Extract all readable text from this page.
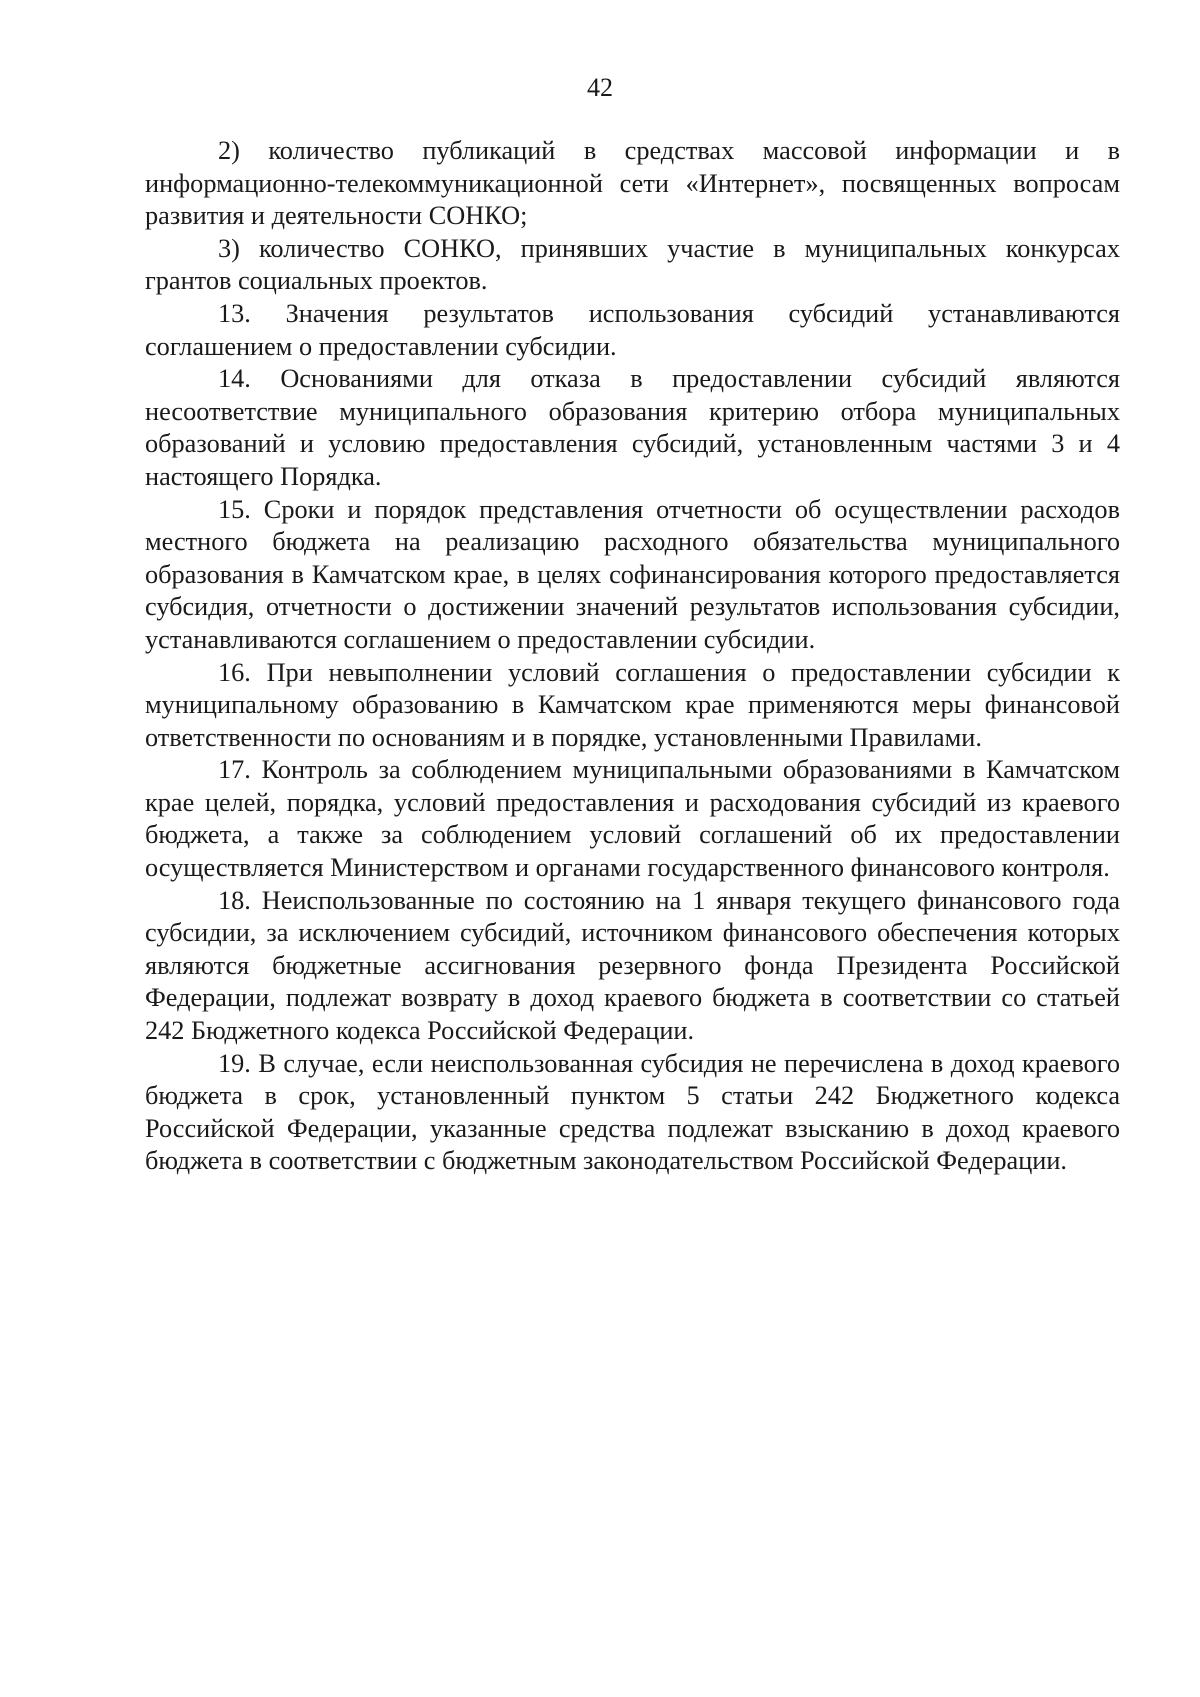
42

2) количество публикаций в средствах массовой информации и в информационно-телекоммуникационной сети «Интернет», посвященных вопросам развития и деятельности СОНКО;

3) количество СОНКО, принявших участие в муниципальных конкурсах грантов социальных проектов.

13. Значения результатов использования субсидий устанавливаются соглашением о предоставлении субсидии.

14. Основаниями для отказа в предоставлении субсидий являются несоответствие муниципального образования критерию отбора муниципальных образований и условию предоставления субсидий, установленным частями 3 и 4 настоящего Порядка.

15. Сроки и порядок представления отчетности об осуществлении расходов местного бюджета на реализацию расходного обязательства муниципального образования в Камчатском крае, в целях софинансирования которого предоставляется субсидия, отчетности о достижении значений результатов использования субсидии, устанавливаются соглашением о предоставлении субсидии.

16. При невыполнении условий соглашения о предоставлении субсидии к муниципальному образованию в Камчатском крае применяются меры финансовой ответственности по основаниям и в порядке, установленными Правилами.

17. Контроль за соблюдением муниципальными образованиями в Камчатском крае целей, порядка, условий предоставления и расходования субсидий из краевого бюджета, а также за соблюдением условий соглашений об их предоставлении осуществляется Министерством и органами государственного финансового контроля.

18. Неиспользованные по состоянию на 1 января текущего финансового года субсидии, за исключением субсидий, источником финансового обеспечения которых являются бюджетные ассигнования резервного фонда Президента Российской Федерации, подлежат возврату в доход краевого бюджета в соответствии со статьей 242 Бюджетного кодекса Российской Федерации.

19. В случае, если неиспользованная субсидия не перечислена в доход краевого бюджета в срок, установленный пунктом 5 статьи 242 Бюджетного кодекса Российской Федерации, указанные средства подлежат взысканию в доход краевого бюджета в соответствии с бюджетным законодательством Российской Федерации.
